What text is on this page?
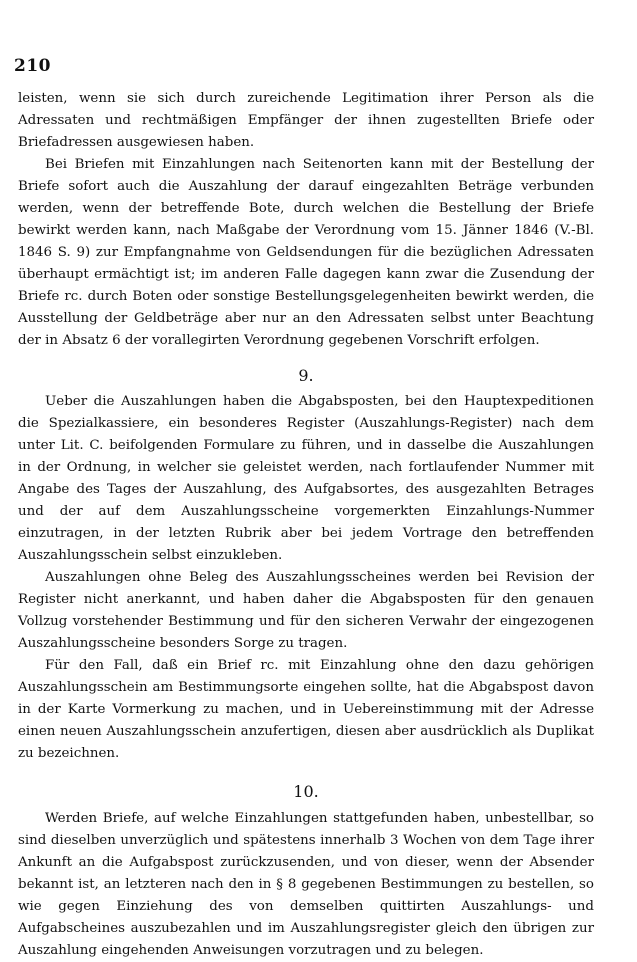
210

leisten, wenn sie sich durch zureichende Legitimation ihrer Person als die Adressaten und rechtmäßigen Empfänger der ihnen zugestellten Briefe oder Briefadressen ausgewiesen haben.

Bei Briefen mit Einzahlungen nach Seitenorten kann mit der Bestellung der Briefe sofort auch die Auszahlung der darauf eingezahlten Beträge verbunden werden, wenn der betreffende Bote, durch welchen die Bestellung der Briefe bewirkt werden kann, nach Maßgabe der Verordnung vom 15. Jänner 1846 (V.-Bl. 1846 S. 9) zur Empfangnahme von Geldsendungen für die bezüglichen Adressaten überhaupt ermächtigt ist; im anderen Falle dagegen kann zwar die Zusendung der Briefe rc. durch Boten oder sonstige Bestellungsgelegenheiten bewirkt werden, die Ausstellung der Geldbeträge aber nur an den Adressaten selbst unter Beachtung der in Absatz 6 der vorallegirten Verordnung gegebenen Vorschrift erfolgen.

9.

Ueber die Auszahlungen haben die Abgabsposten, bei den Hauptexpeditionen die Spezialkassiere, ein besonderes Register (Auszahlungs-Register) nach dem unter Lit. C. beifolgenden Formulare zu führen, und in dasselbe die Auszahlungen in der Ordnung, in welcher sie geleistet werden, nach fortlaufender Nummer mit Angabe des Tages der Auszahlung, des Aufgabsortes, des ausgezahlten Betrages und der auf dem Auszahlungsscheine vorgemerkten Einzahlungs-Nummer einzutragen, in der letzten Rubrik aber bei jedem Vortrage den betreffenden Auszahlungsschein selbst einzukleben.

Auszahlungen ohne Beleg des Auszahlungsscheines werden bei Revision der Register nicht anerkannt, und haben daher die Abgabsposten für den genauen Vollzug vorstehender Bestimmung und für den sicheren Verwahr der eingezogenen Auszahlungsscheine besonders Sorge zu tragen.

Für den Fall, daß ein Brief rc. mit Einzahlung ohne den dazu gehörigen Auszahlungsschein am Bestimmungsorte eingehen sollte, hat die Abgabspost davon in der Karte Vormerkung zu machen, und in Uebereinstimmung mit der Adresse einen neuen Auszahlungsschein anzufertigen, diesen aber ausdrücklich als Duplikat zu bezeichnen.

10.

Werden Briefe, auf welche Einzahlungen stattgefunden haben, unbestellbar, so sind dieselben unverzüglich und spätestens innerhalb 3 Wochen von dem Tage ihrer Ankunft an die Aufgabspost zurückzusenden, und von dieser, wenn der Absender bekannt ist, an letzteren nach den in § 8 gegebenen Bestimmungen zu bestellen, so wie gegen Einziehung des von demselben quittirten Auszahlungs- und Aufgabscheines auszubezahlen und im Auszahlungsregister gleich den übrigen zur Auszahlung eingehenden Anweisungen vorzutragen und zu belegen.
